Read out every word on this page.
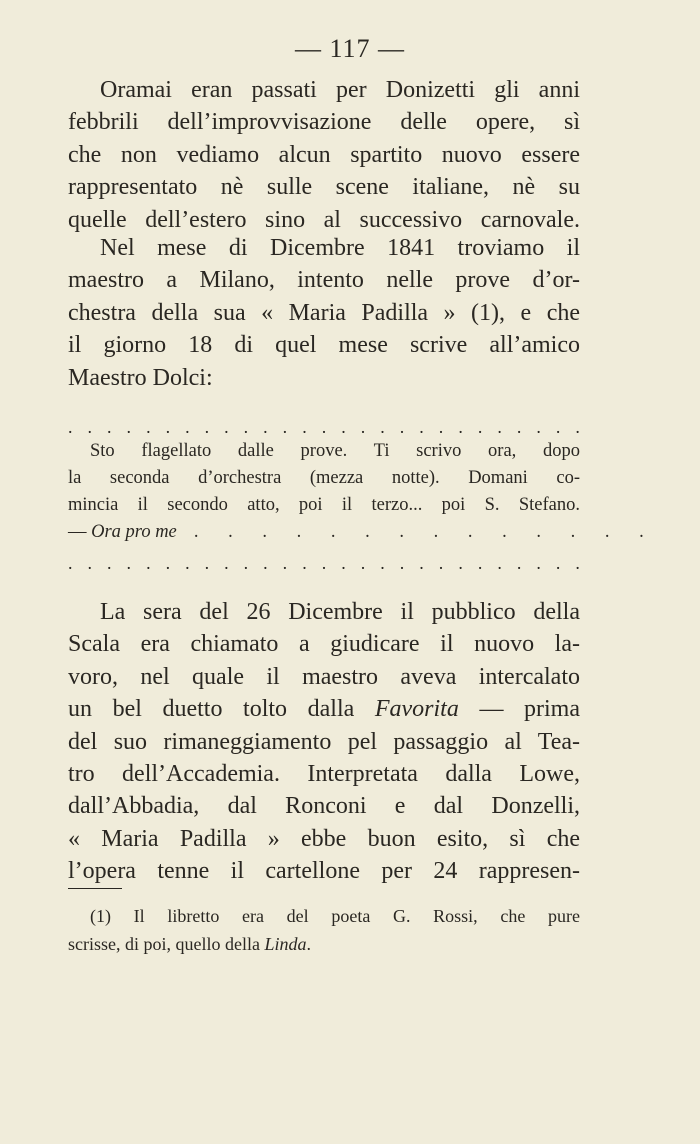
— 117 —
Oramai eran passati per Donizetti gli anni
febbrili dell’improvvisazione delle opere, sì
che non vediamo alcun spartito nuovo essere
rappresentato nè sulle scene italiane, nè su
quelle dell’estero sino al successivo carnovale.
Nel mese di Dicembre 1841 troviamo il
maestro a Milano, intento nelle prove d’or-
chestra della sua « Maria Padilla » (1), e che
il giorno 18 di quel mese scrive all’amico
Maestro Dolci:
. . . . . . . . . . . . . . . . . . . . . . . . . . .
Sto flagellato dalle prove. Ti scrivo ora, dopo
la seconda d’orchestra (mezza notte). Domani co-
mincia il secondo atto, poi il terzo... poi S. Stefano.
— Ora pro me . . . . . . . . . . . . . .
. . . . . . . . . . . . . . . . . . . . . . . . . . .
La sera del 26 Dicembre il pubblico della
Scala era chiamato a giudicare il nuovo la-
voro, nel quale il maestro aveva intercalato
un bel duetto tolto dalla Favorita — prima
del suo rimaneggiamento pel passaggio al Tea-
tro dell’Accademia. Interpretata dalla Lowe,
dall’Abbadia, dal Ronconi e dal Donzelli,
« Maria Padilla » ebbe buon esito, sì che
l’opera tenne il cartellone per 24 rappresen-
(1) Il libretto era del poeta G. Rossi, che pure
scrisse, di poi, quello della Linda.
